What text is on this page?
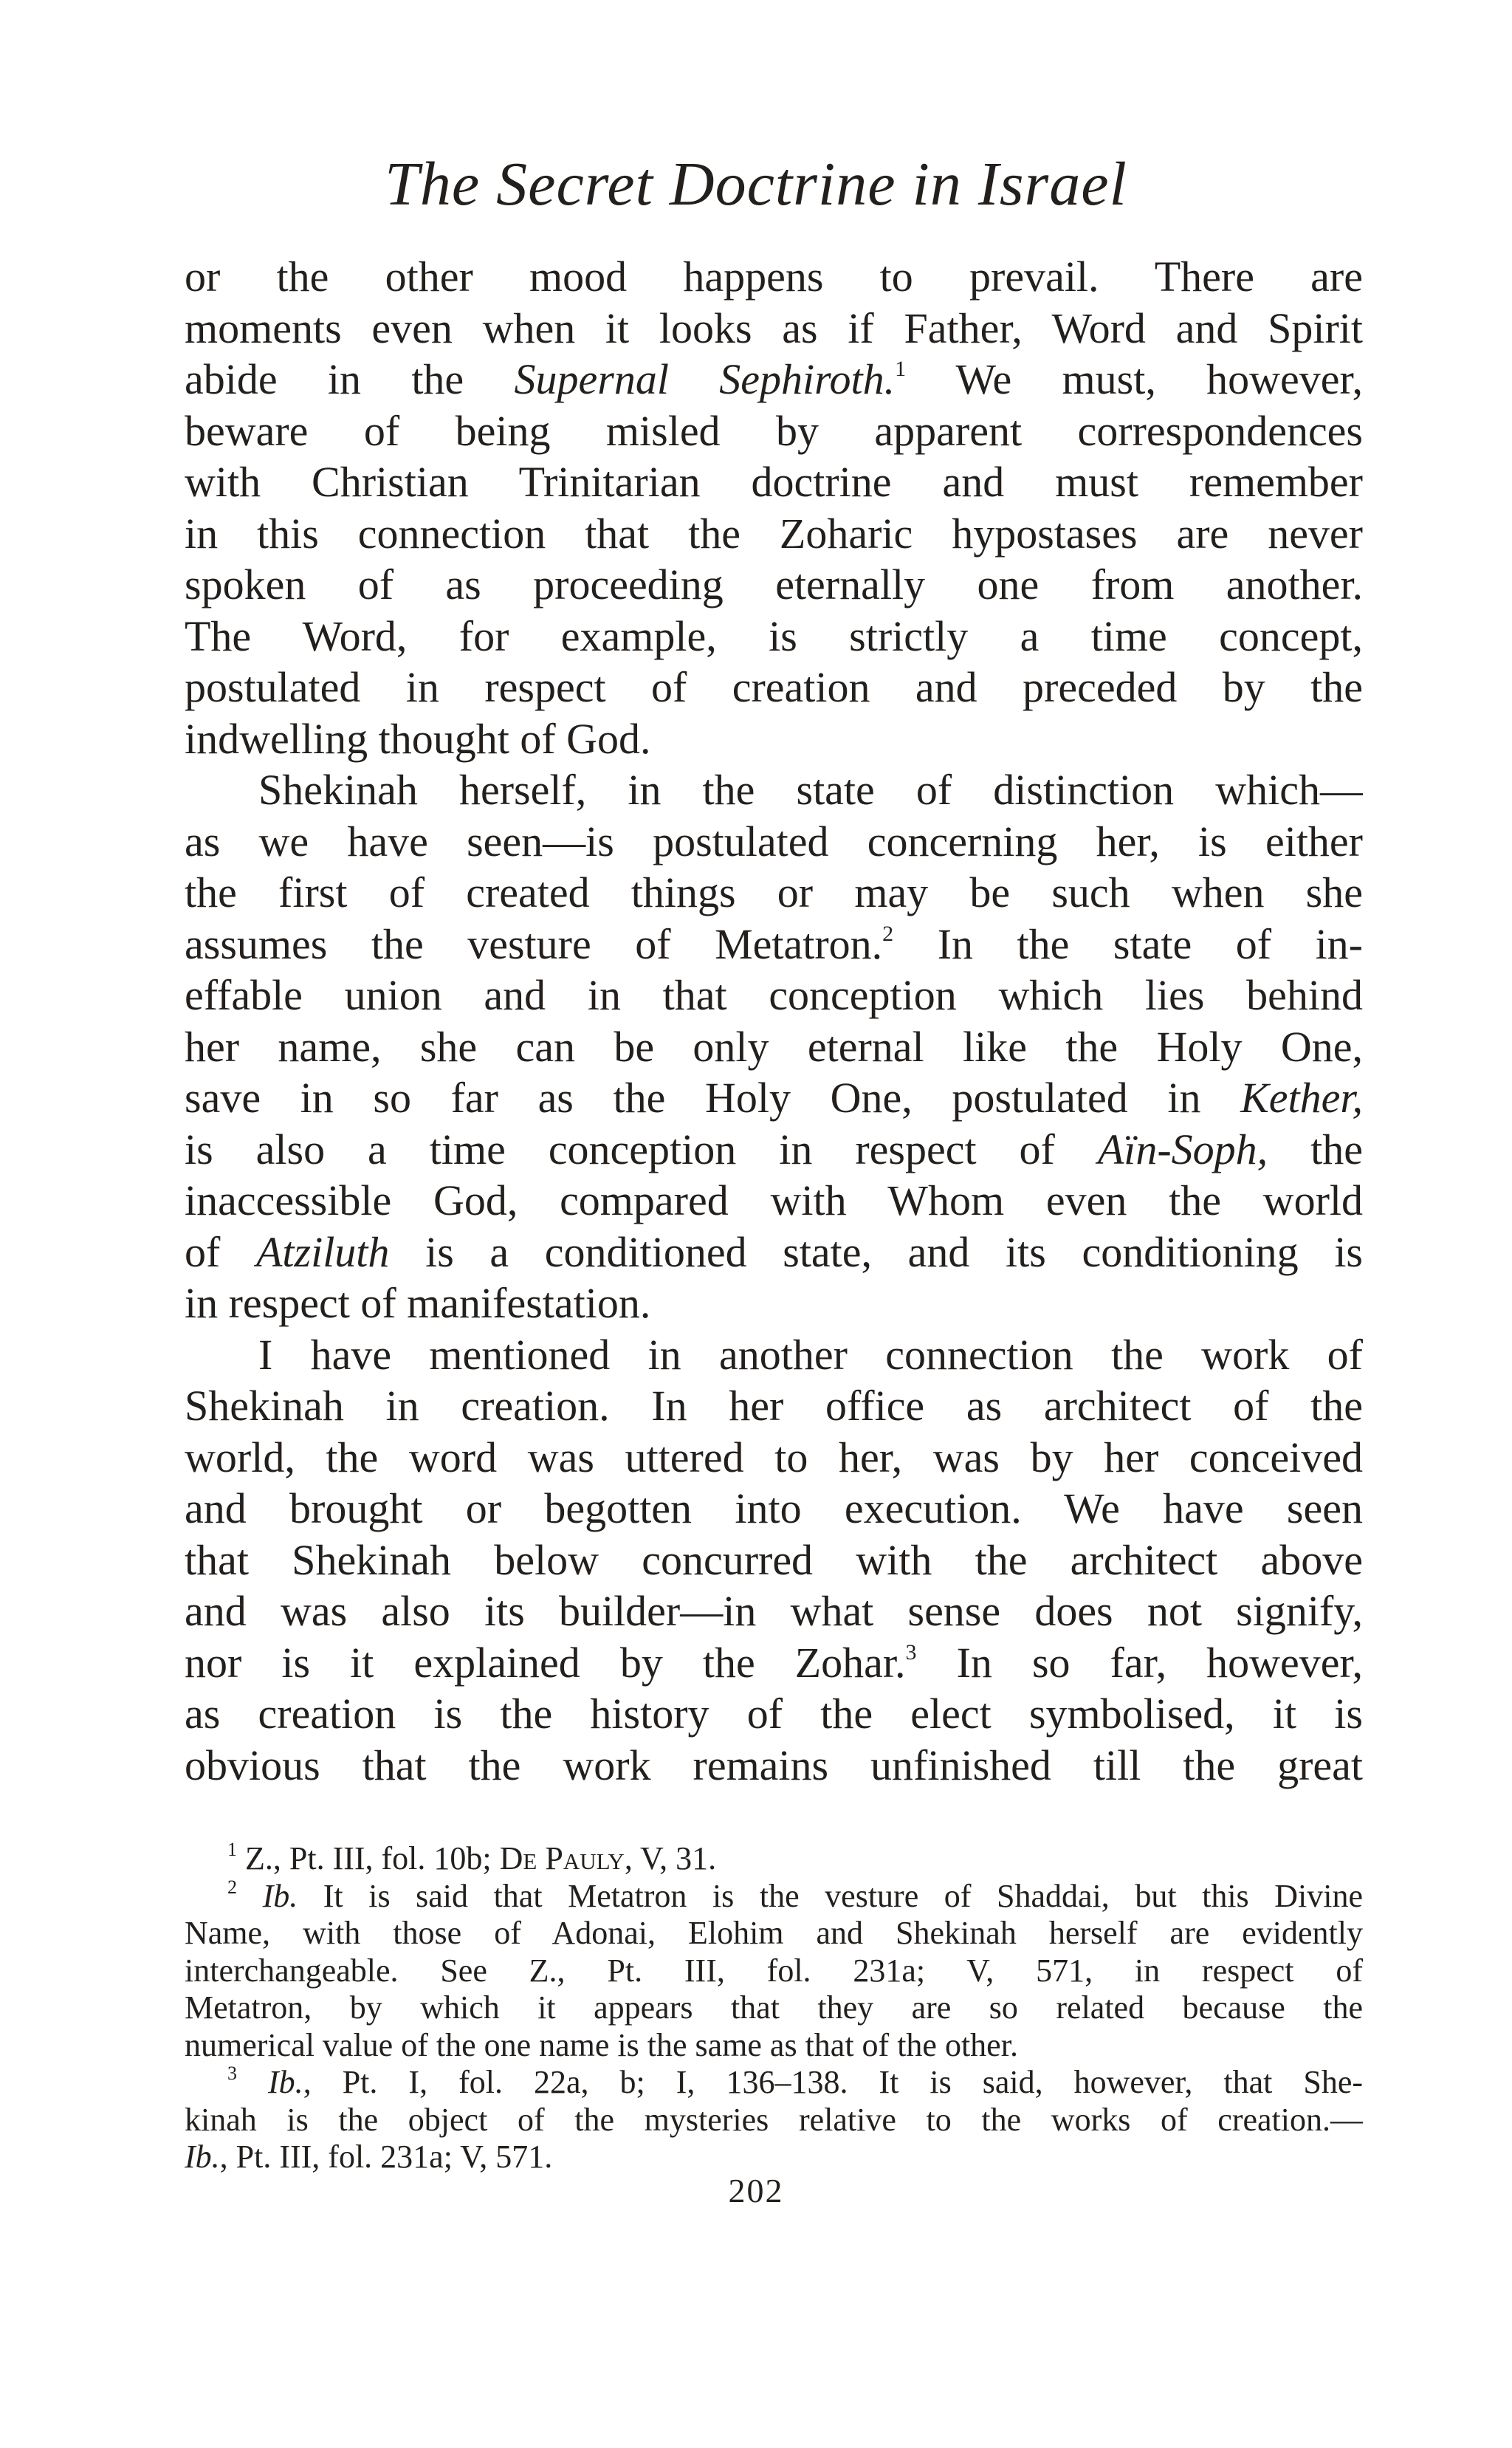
The Secret Doctrine in Israel
or the other mood happens to prevail. There are
moments even when it looks as if Father, Word and Spirit
abide in the Supernal Sephiroth.$^1$ We must, however,
beware of being misled by apparent correspondences
with Christian Trinitarian doctrine and must remember
in this connection that the Zoharic hypostases are never
spoken of as proceeding eternally one from another.
The Word, for example, is strictly a time concept,
postulated in respect of creation and preceded by the
indwelling thought of God.
Shekinah herself, in the state of distinction which—
as we have seen—is postulated concerning her, is either
the first of created things or may be such when she
assumes the vesture of Metatron.$^2$ In the state of in-
effable union and in that conception which lies behind
her name, she can be only eternal like the Holy One,
save in so far as the Holy One, postulated in Kether,
is also a time conception in respect of Aïn-Soph, the
inaccessible God, compared with Whom even the world
of Atziluth is a conditioned state, and its conditioning is
in respect of manifestation.
I have mentioned in another connection the work of
Shekinah in creation. In her office as architect of the
world, the word was uttered to her, was by her conceived
and brought or begotten into execution. We have seen
that Shekinah below concurred with the architect above
and was also its builder—in what sense does not signify,
nor is it explained by the Zohar.$^3$ In so far, however,
as creation is the history of the elect symbolised, it is
obvious that the work remains unfinished till the great
$^1$ Z., Pt. III, fol. 10b; De Pauly, V, 31.
$^2$ Ib. It is said that Metatron is the vesture of Shaddai, but this Divine
Name, with those of Adonai, Elohim and Shekinah herself are evidently
interchangeable. See Z., Pt. III, fol. 231a; V, 571, in respect of
Metatron, by which it appears that they are so related because the
numerical value of the one name is the same as that of the other.
$^3$ Ib., Pt. I, fol. 22a, b; I, 136–138. It is said, however, that She-
kinah is the object of the mysteries relative to the works of creation.—
Ib., Pt. III, fol. 231a; V, 571.
202
